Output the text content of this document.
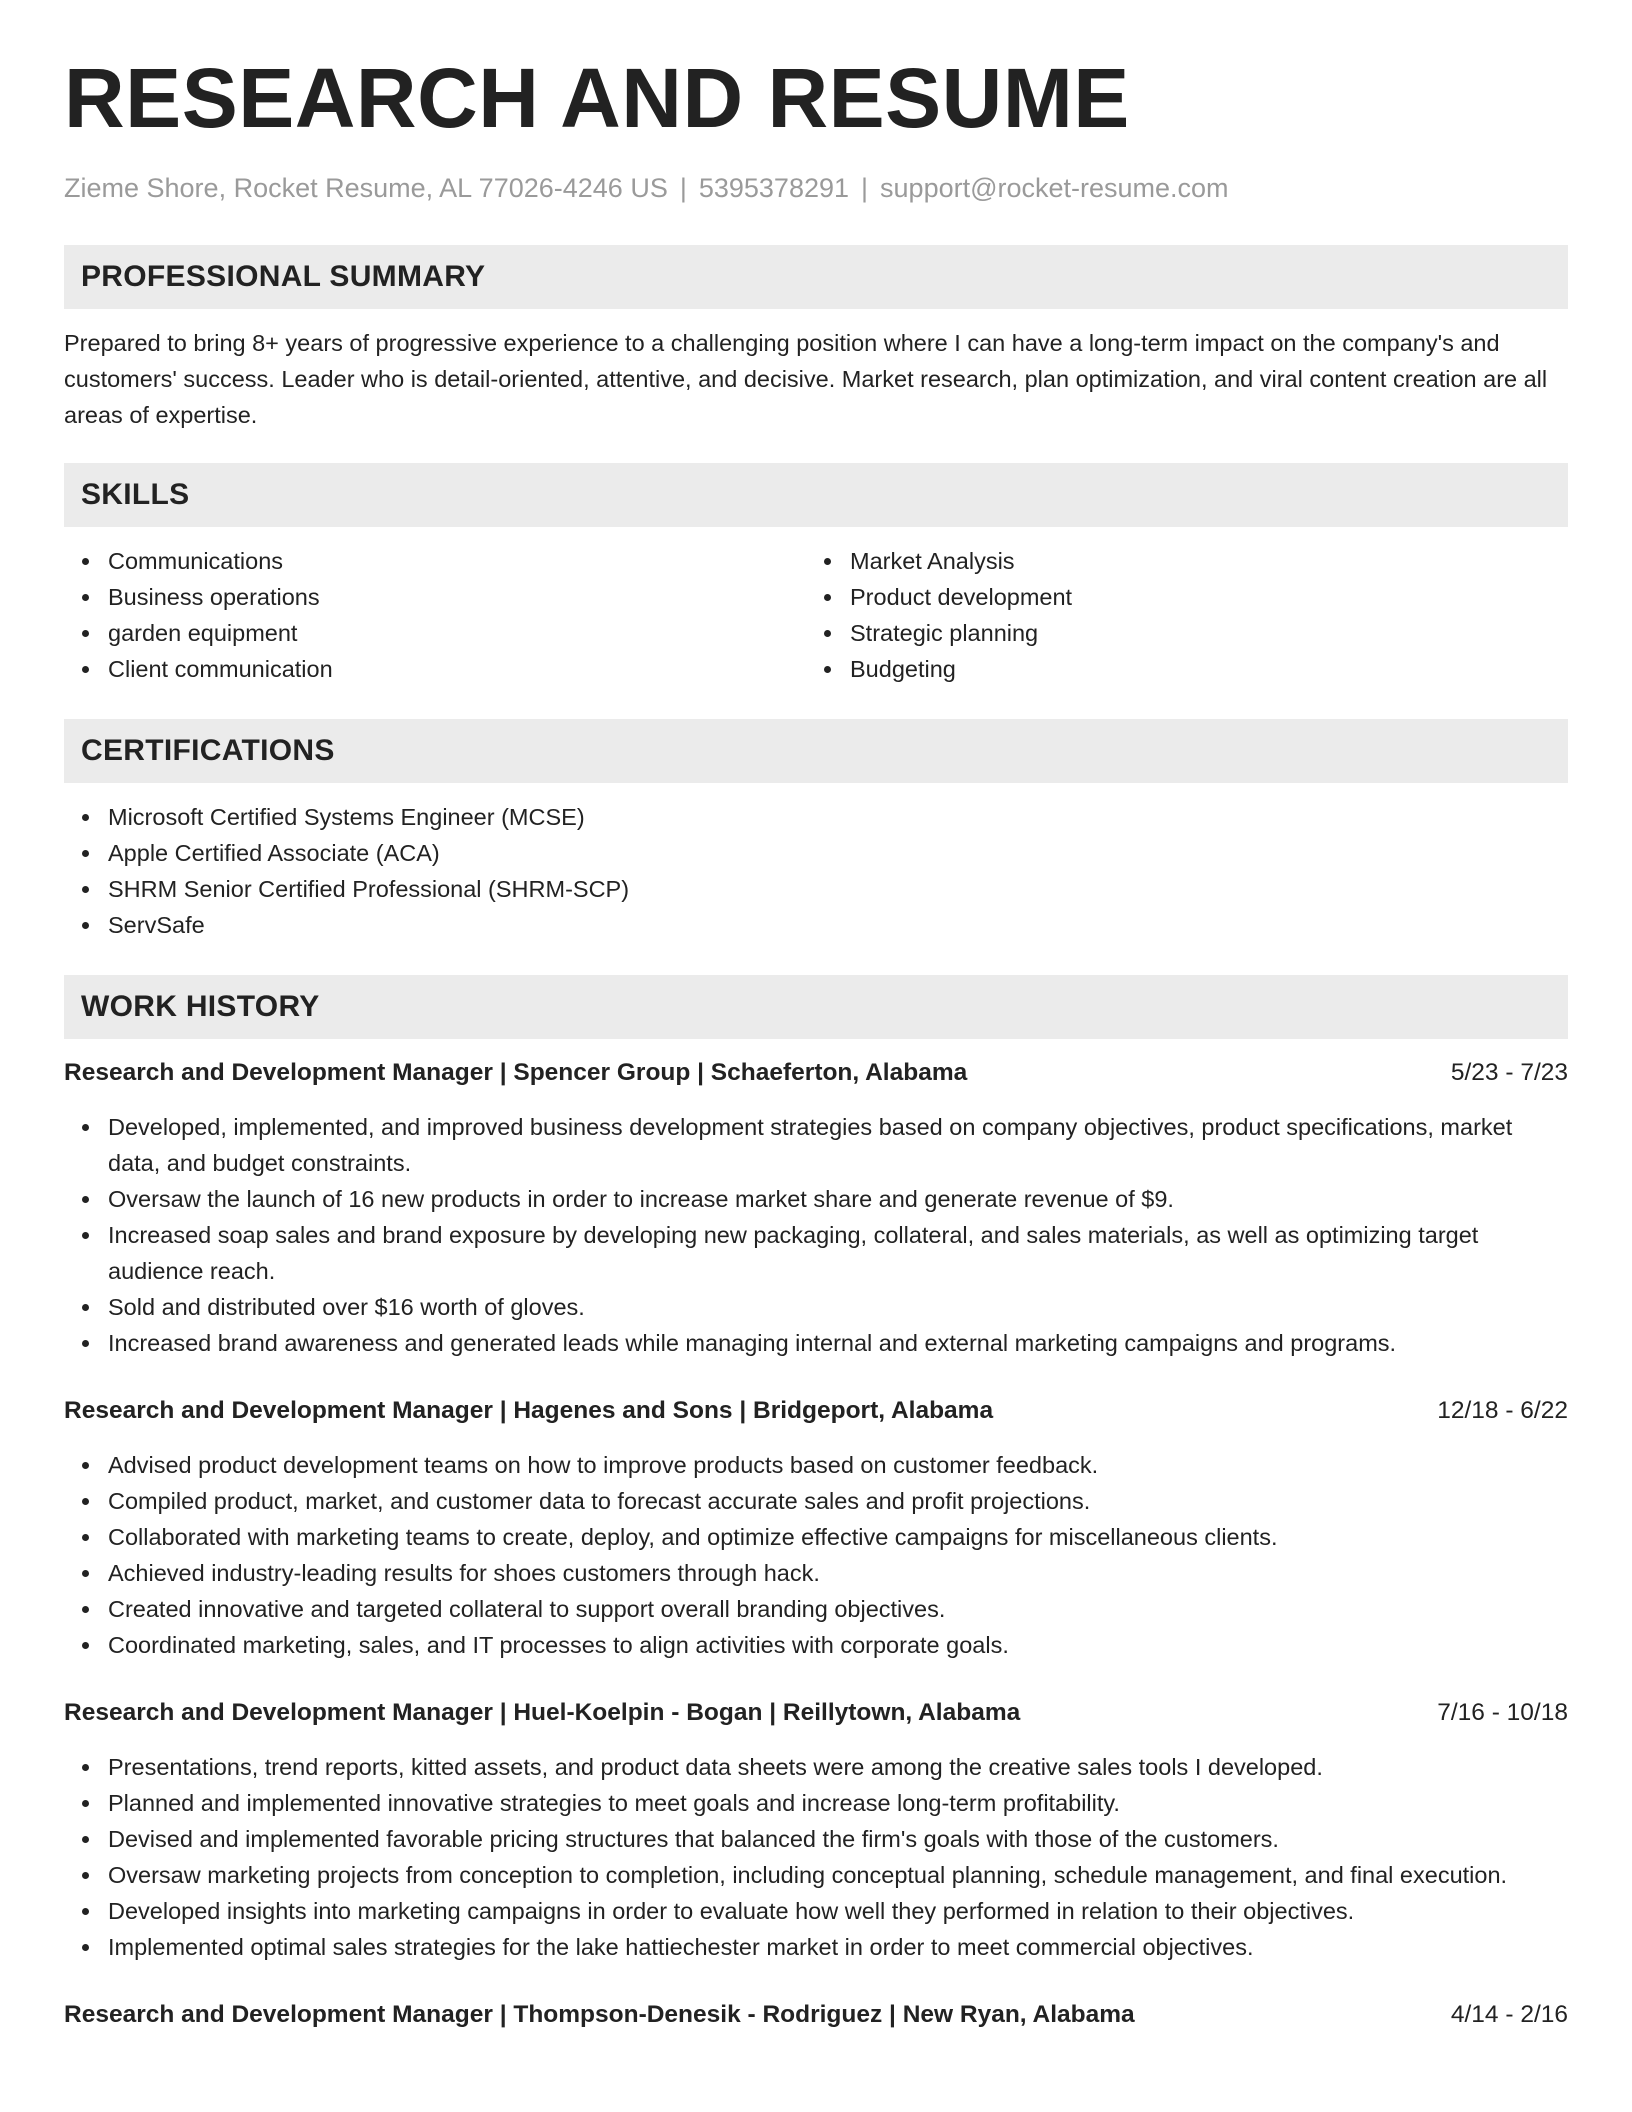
RESEARCH AND RESUME
Zieme Shore, Rocket Resume, AL 77026-4246 US | 5395378291 | support@rocket-resume.com
PROFESSIONAL SUMMARY

Prepared to bring 8+ years of progressive experience to a challenging position where I can have a long-term impact on the company's and customers' success. Leader who is detail-oriented, attentive, and decisive. Market research, plan optimization, and viral content creation are all areas of expertise.

SKILLS
Communications
Business operations
garden equipment
Client communication
Market Analysis
Product development
Strategic planning
Budgeting
CERTIFICATIONS
Microsoft Certified Systems Engineer (MCSE)
Apple Certified Associate (ACA)
SHRM Senior Certified Professional (SHRM-SCP)
ServSafe
WORK HISTORY
Research and Development Manager | Spencer Group | Schaeferton, Alabama	5/23 - 7/23
Developed, implemented, and improved business development strategies based on company objectives, product specifications, market data, and budget constraints.
Oversaw the launch of 16 new products in order to increase market share and generate revenue of $9.
Increased soap sales and brand exposure by developing new packaging, collateral, and sales materials, as well as optimizing target audience reach.
Sold and distributed over $16 worth of gloves.
Increased brand awareness and generated leads while managing internal and external marketing campaigns and programs.
Research and Development Manager | Hagenes and Sons | Bridgeport, Alabama	12/18 - 6/22
Advised product development teams on how to improve products based on customer feedback.
Compiled product, market, and customer data to forecast accurate sales and profit projections.
Collaborated with marketing teams to create, deploy, and optimize effective campaigns for miscellaneous clients.
Achieved industry-leading results for shoes customers through hack.
Created innovative and targeted collateral to support overall branding objectives.
Coordinated marketing, sales, and IT processes to align activities with corporate goals.
Research and Development Manager | Huel-Koelpin - Bogan | Reillytown, Alabama	7/16 - 10/18
Presentations, trend reports, kitted assets, and product data sheets were among the creative sales tools I developed.
Planned and implemented innovative strategies to meet goals and increase long-term profitability.
Devised and implemented favorable pricing structures that balanced the firm's goals with those of the customers.
Oversaw marketing projects from conception to completion, including conceptual planning, schedule management, and final execution.
Developed insights into marketing campaigns in order to evaluate how well they performed in relation to their objectives.
Implemented optimal sales strategies for the lake hattiechester market in order to meet commercial objectives.
Research and Development Manager | Thompson-Denesik - Rodriguez | New Ryan, Alabama	4/14 - 2/16
